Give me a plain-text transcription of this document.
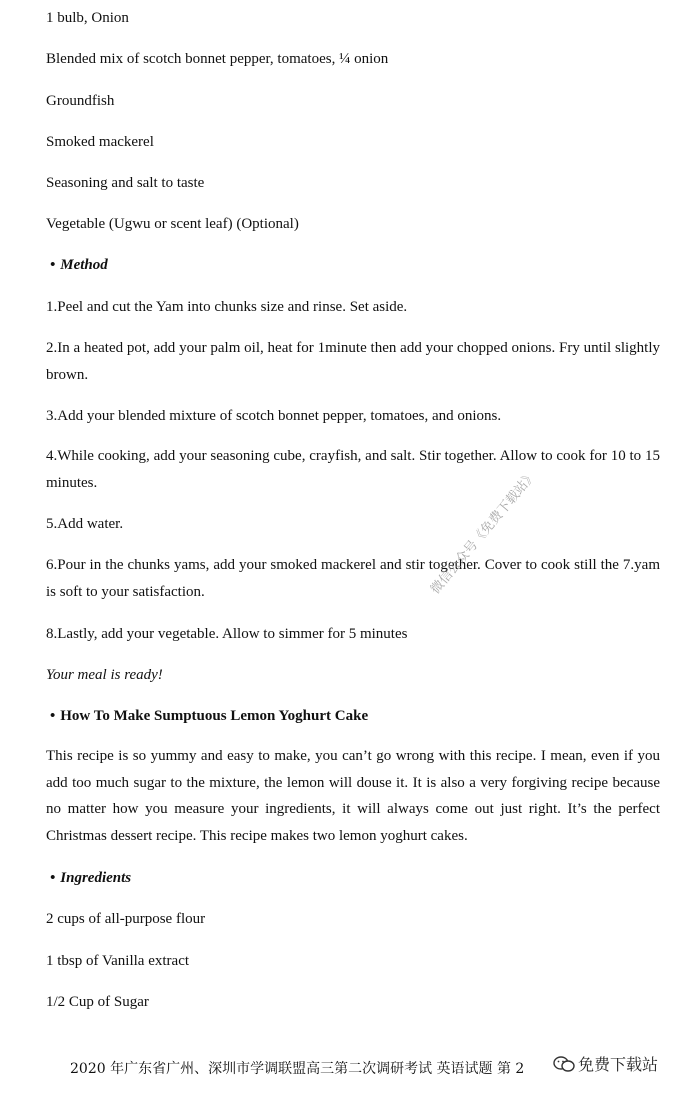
1 bulb, Onion

Blended mix of scotch bonnet pepper, tomatoes, ¼ onion

Groundfish

Smoked mackerel

Seasoning and salt to taste

Vegetable (Ugwu or scent leaf) (Optional)

• Method

1.Peel and cut the Yam into chunks size and rinse. Set aside.

2.In a heated pot, add your palm oil, heat for 1minute then add your chopped onions. Fry until slightly brown.

3.Add your blended mixture of scotch bonnet pepper, tomatoes, and onions.

4.While cooking, add your seasoning cube, crayfish, and salt. Stir together. Allow to cook for 10 to 15 minutes.

5.Add water.

6.Pour in the chunks yams, add your smoked mackerel and stir together. Cover to cook still the 7.yam is soft to your satisfaction.

8.Lastly, add your vegetable. Allow to simmer for 5 minutes

Your meal is ready!

• How To Make Sumptuous Lemon Yoghurt Cake

This recipe is so yummy and easy to make, you can’t go wrong with this recipe. I mean, even if you add too much sugar to the mixture, the lemon will douse it. It is also a very forgiving recipe because no matter how you measure your ingredients, it will always come out just right. It’s the perfect Christmas dessert recipe. This recipe makes two lemon yoghurt cakes.

• Ingredients

2 cups of all-purpose flour

1 tbsp of Vanilla extract

1/2 Cup of Sugar

微信公众号《免费下载站》
2020 年广东省广州、深圳市学调联盟高三第二次调研考试 英语试题 第 2	免费下载站
